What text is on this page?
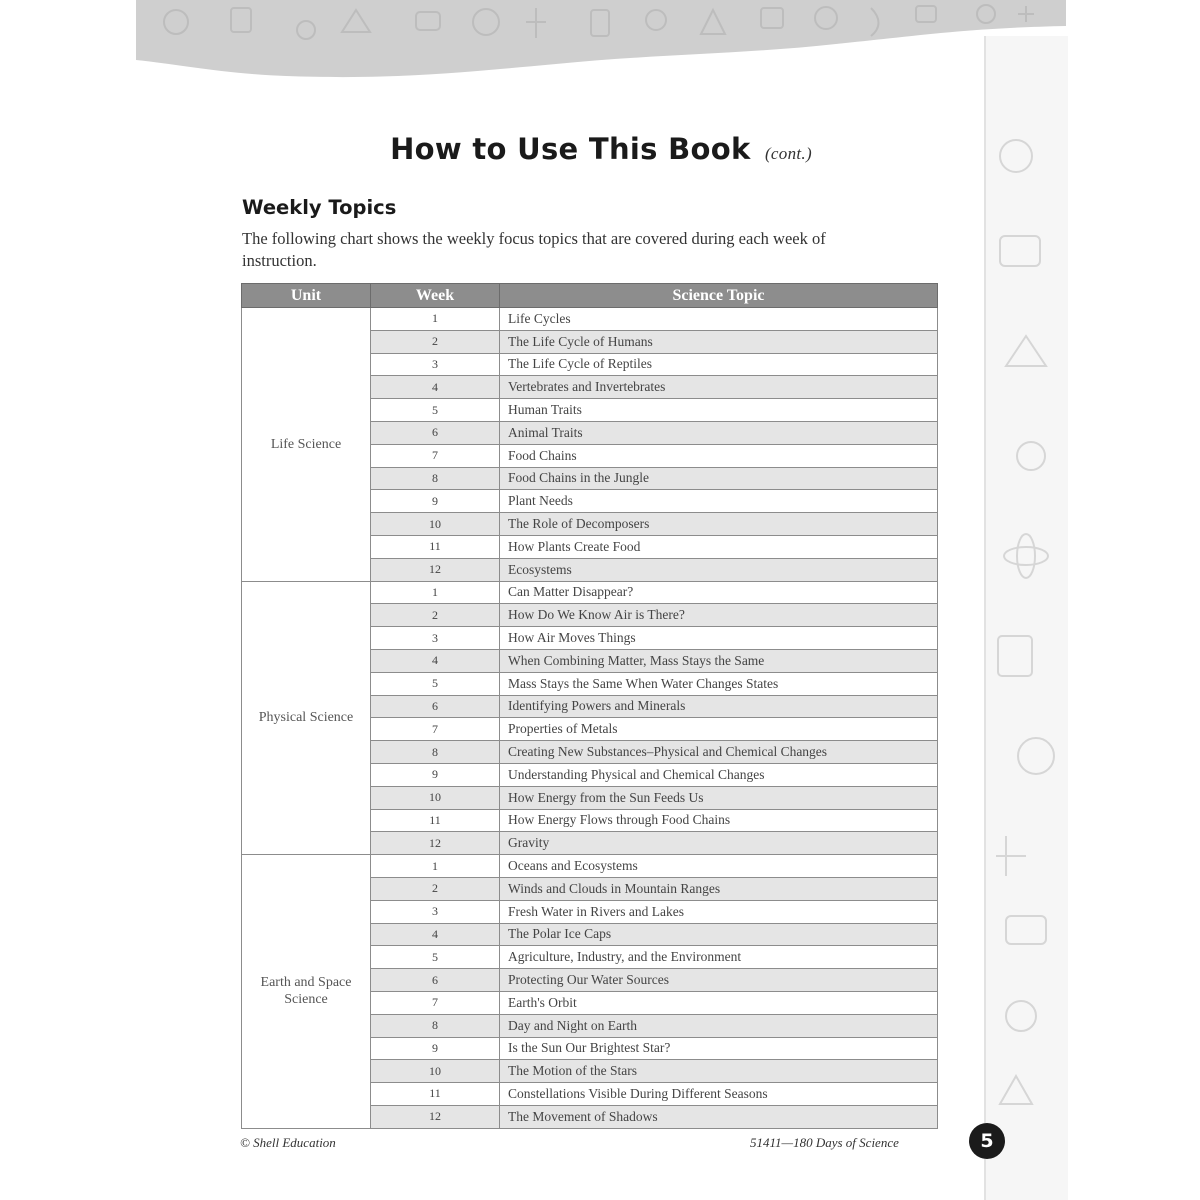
How to Use This Book (cont.)
Weekly Topics
The following chart shows the weekly focus topics that are covered during each week of instruction.
Unit	Week	Science Topic
Life Science	1	Life Cycles
	2	The Life Cycle of Humans
	3	The Life Cycle of Reptiles
	4	Vertebrates and Invertebrates
	5	Human Traits
	6	Animal Traits
	7	Food Chains
	8	Food Chains in the Jungle
	9	Plant Needs
	10	The Role of Decomposers
	11	How Plants Create Food
	12	Ecosystems
Physical Science	1	Can Matter Disappear?
	2	How Do We Know Air is There?
	3	How Air Moves Things
	4	When Combining Matter, Mass Stays the Same
	5	Mass Stays the Same When Water Changes States
	6	Identifying Powers and Minerals
	7	Properties of Metals
	8	Creating New Substances–Physical and Chemical Changes
	9	Understanding Physical and Chemical Changes
	10	How Energy from the Sun Feeds Us
	11	How Energy Flows through Food Chains
	12	Gravity
Earth and Space Science	1	Oceans and Ecosystems
	2	Winds and Clouds in Mountain Ranges
	3	Fresh Water in Rivers and Lakes
	4	The Polar Ice Caps
	5	Agriculture, Industry, and the Environment
	6	Protecting Our Water Sources
	7	Earth's Orbit
	8	Day and Night on Earth
	9	Is the Sun Our Brightest Star?
	10	The Motion of the Stars
	11	Constellations Visible During Different Seasons
	12	The Movement of Shadows
© Shell Education	51411—180 Days of Science	5
